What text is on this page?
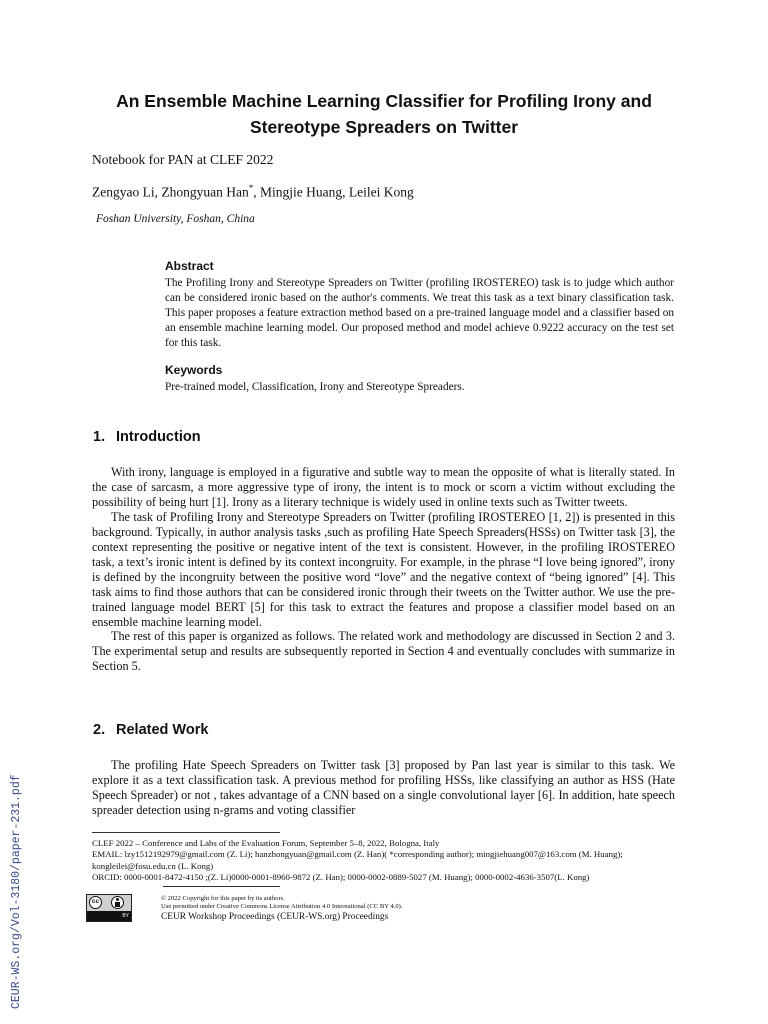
An Ensemble Machine Learning Classifier for Profiling Irony and
Stereotype Spreaders on Twitter
Notebook for PAN at CLEF 2022
Zengyao Li, Zhongyuan Han*, Mingjie Huang, Leilei Kong
Foshan University, Foshan, China
Abstract

The Profiling Irony and Stereotype Spreaders on Twitter (profiling IROSTEREO) task is to judge which author can be considered ironic based on the author's comments. We treat this task as a text binary classification task. This paper proposes a feature extraction method based on a pre-trained language model and a classifier based on an ensemble machine learning model. Our proposed method and model achieve 0.9222 accuracy on the test set for this task.

Keywords
Pre-trained model, Classification, Irony and Stereotype Spreaders.
1. Introduction

With irony, language is employed in a figurative and subtle way to mean the opposite of what is literally stated. In the case of sarcasm, a more aggressive type of irony, the intent is to mock or scorn a victim without excluding the possibility of being hurt [1]. Irony as a literary technique is widely used in online texts such as Twitter tweets.

The task of Profiling Irony and Stereotype Spreaders on Twitter (profiling IROSTEREO [1, 2]) is presented in this background. Typically, in author analysis tasks ,such as profiling Hate Speech Spreaders(HSSs) on Twitter task [3], the context representing the positive or negative intent of the text is consistent. However, in the profiling IROSTEREO task, a text’s ironic intent is defined by its context incongruity. For example, in the phrase “I love being ignored”, irony is defined by the incongruity between the positive word “love” and the negative context of “being ignored” [4]. This task aims to find those authors that can be considered ironic through their tweets on the Twitter author. We use the pre-trained language model BERT [5] for this task to extract the features and propose a classifier model based on an ensemble machine learning model.

The rest of this paper is organized as follows. The related work and methodology are discussed in Section 2 and 3. The experimental setup and results are subsequently reported in Section 4 and eventually concludes with summarize in Section 5.

2. Related Work

The profiling Hate Speech Spreaders on Twitter task [3] proposed by Pan last year is similar to this task. We explore it as a text classification task. A previous method for profiling HSSs, like classifying an author as HSS (Hate Speech Spreader) or not , takes advantage of a CNN based on a single convolutional layer [6]. In addition, hate speech spreader detection using n-grams and voting classifier

CEUR-WS.org/Vol-3180/paper-231.pdf	CLEF 2022 – Conference and Labs of the Evaluation Forum, September 5–8, 2022, Bologna, Italy
EMAIL: lzy1512192979@gmail.com (Z. Li); hanzhongyuan@gmail.com (Z. Han)( *corresponding author); mingjiehuang007@163.com (M. Huang); kongleilei@fosu.edu.cn (L. Kong)
ORCID: 0000-0001-8472-4150 ;(Z. Li)0000-0001-8960-9872 (Z. Han); 0000-0002-0889-5027 (M. Huang); 0000-0002-4636-3507(L. Kong)
cc
BY
© 2022 Copyright for this paper by its authors.
Use permitted under Creative Commons License Attribution 4.0 International (CC BY 4.0).
CEUR Workshop Proceedings (CEUR-WS.org) Proceedings
